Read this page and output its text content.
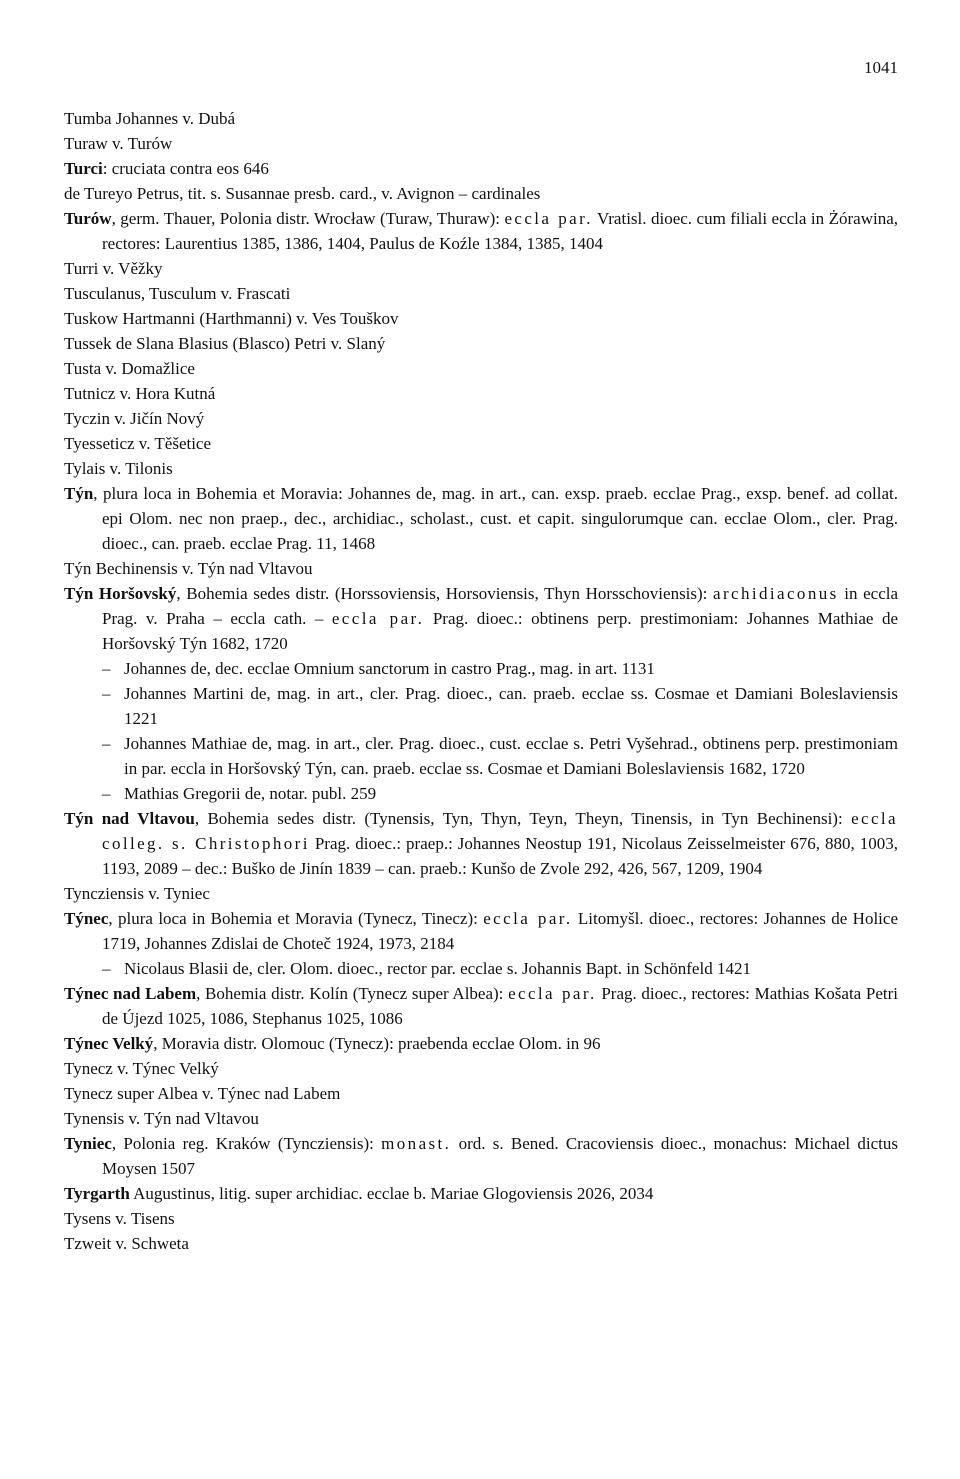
1041
Tumba Johannes v. Dubá
Turaw v. Turów
Turci: cruciata contra eos 646
de Tureyo Petrus, tit. s. Susannae presb. card., v. Avignon – cardinales
Turów, germ. Thauer, Polonia distr. Wrocław (Turaw, Thuraw): eccla par. Vratisl. dioec. cum filiali eccla in Żórawina, rectores: Laurentius 1385, 1386, 1404, Paulus de Koźle 1384, 1385, 1404
Turri v. Věžky
Tusculanus, Tusculum v. Frascati
Tuskow Hartmanni (Harthmanni) v. Ves Touškov
Tussek de Slana Blasius (Blasco) Petri v. Slaný
Tusta v. Domažlice
Tutnicz v. Hora Kutná
Tyczin v. Jičín Nový
Tyesseticz v. Těšetice
Tylais v. Tilonis
Týn, plura loca in Bohemia et Moravia: Johannes de, mag. in art., can. exsp. praeb. ecclae Prag., exsp. benef. ad collat. epi Olom. nec non praep., dec., archidiac., scholast., cust. et capit. singulorumque can. ecclae Olom., cler. Prag. dioec., can. praeb. ecclae Prag. 11, 1468
Týn Bechinensis v. Týn nad Vltavou
Týn Horšovský, Bohemia sedes distr. (Horssoviensis, Horsoviensis, Thyn Horsschoviensis): archidiaconus in eccla Prag. v. Praha – eccla cath. – eccla par. Prag. dioec.: obtinens perp. prestimoniam: Johannes Mathiae de Horšovský Týn 1682, 1720
– Johannes de, dec. ecclae Omnium sanctorum in castro Prag., mag. in art. 1131
– Johannes Martini de, mag. in art., cler. Prag. dioec., can. praeb. ecclae ss. Cosmae et Damiani Boleslaviensis 1221
– Johannes Mathiae de, mag. in art., cler. Prag. dioec., cust. ecclae s. Petri Vyšehrad., obtinens perp. prestimoniam in par. eccla in Horšovský Týn, can. praeb. ecclae ss. Cosmae et Damiani Boleslaviensis 1682, 1720
– Mathias Gregorii de, notar. publ. 259
Týn nad Vltavou, Bohemia sedes distr. (Tynensis, Tyn, Thyn, Teyn, Theyn, Tinensis, in Tyn Bechinensi): eccla colleg. s. Christophori Prag. dioec.: praep.: Johannes Neostup 191, Nicolaus Zeisselmeister 676, 880, 1003, 1193, 2089 – dec.: Buško de Jinín 1839 – can. praeb.: Kunšo de Zvole 292, 426, 567, 1209, 1904
Tyncziensis v. Tyniec
Týnec, plura loca in Bohemia et Moravia (Tynecz, Tinecz): eccla par. Litomyšl. dioec., rectores: Johannes de Holice 1719, Johannes Zdislai de Choteč 1924, 1973, 2184
– Nicolaus Blasii de, cler. Olom. dioec., rector par. ecclae s. Johannis Bapt. in Schönfeld 1421
Týnec nad Labem, Bohemia distr. Kolín (Tynecz super Albea): eccla par. Prag. dioec., rectores: Mathias Košata Petri de Újezd 1025, 1086, Stephanus 1025, 1086
Týnec Velký, Moravia distr. Olomouc (Tynecz): praebenda ecclae Olom. in 96
Tynecz v. Týnec Velký
Tynecz super Albea v. Týnec nad Labem
Tynensis v. Týn nad Vltavou
Tyniec, Polonia reg. Kraków (Tyncziensis): monast. ord. s. Bened. Cracoviensis dioec., monachus: Michael dictus Moysen 1507
Tyrgarth Augustinus, litig. super archidiac. ecclae b. Mariae Glogoviensis 2026, 2034
Tysens v. Tisens
Tzweit v. Schweta
